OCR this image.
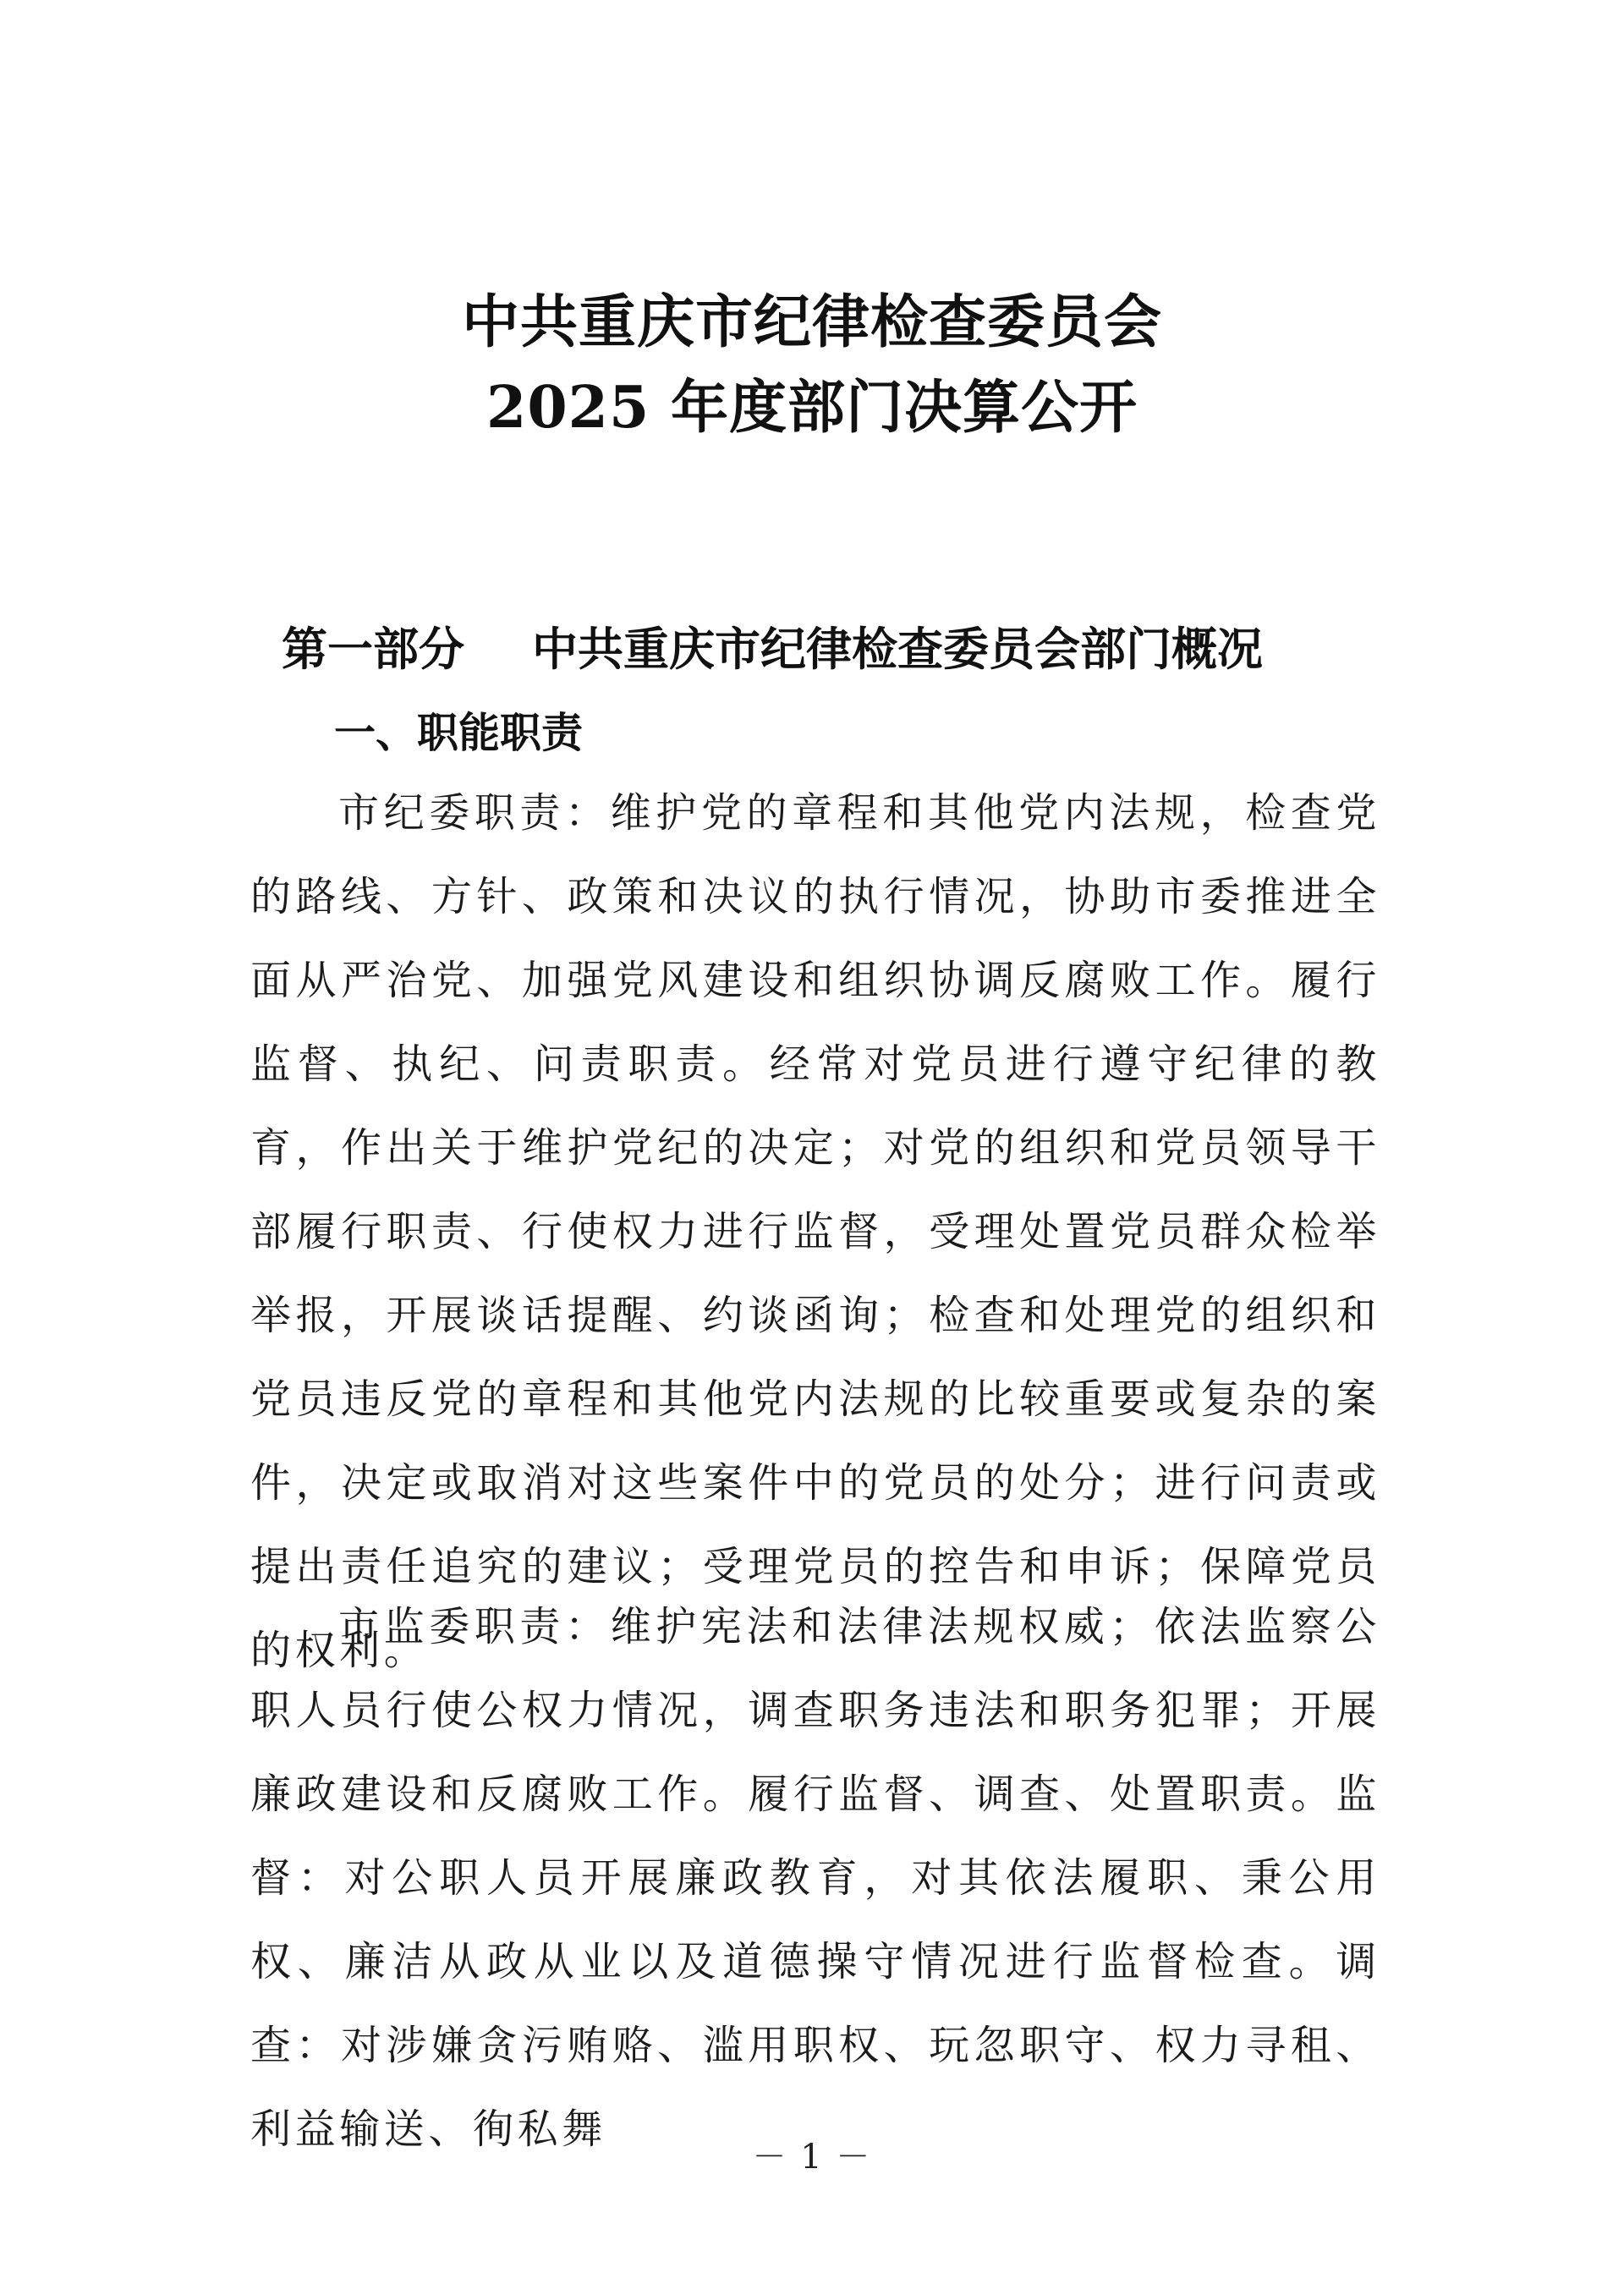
中共重庆市纪律检查委员会
2025 年度部门决算公开
第一部分 中共重庆市纪律检查委员会部门概况
一、职能职责

市纪委职责：维护党的章程和其他党内法规，检查党的路线、方针、政策和决议的执行情况，协助市委推进全面从严治党、加强党风建设和组织协调反腐败工作。履行监督、执纪、问责职责。经常对党员进行遵守纪律的教育，作出关于维护党纪的决定；对党的组织和党员领导干部履行职责、行使权力进行监督，受理处置党员群众检举举报，开展谈话提醒、约谈函询；检查和处理党的组织和党员违反党的章程和其他党内法规的比较重要或复杂的案件，决定或取消对这些案件中的党员的处分；进行问责或提出责任追究的建议；受理党员的控告和申诉；保障党员的权利。

市监委职责：维护宪法和法律法规权威；依法监察公职人员行使公权力情况，调查职务违法和职务犯罪；开展廉政建设和反腐败工作。履行监督、调查、处置职责。监督：对公职人员开展廉政教育，对其依法履职、秉公用权、廉洁从政从业以及道德操守情况进行监督检查。调查：对涉嫌贪污贿赂、滥用职权、玩忽职守、权力寻租、利益输送、徇私舞

－ 1 －
